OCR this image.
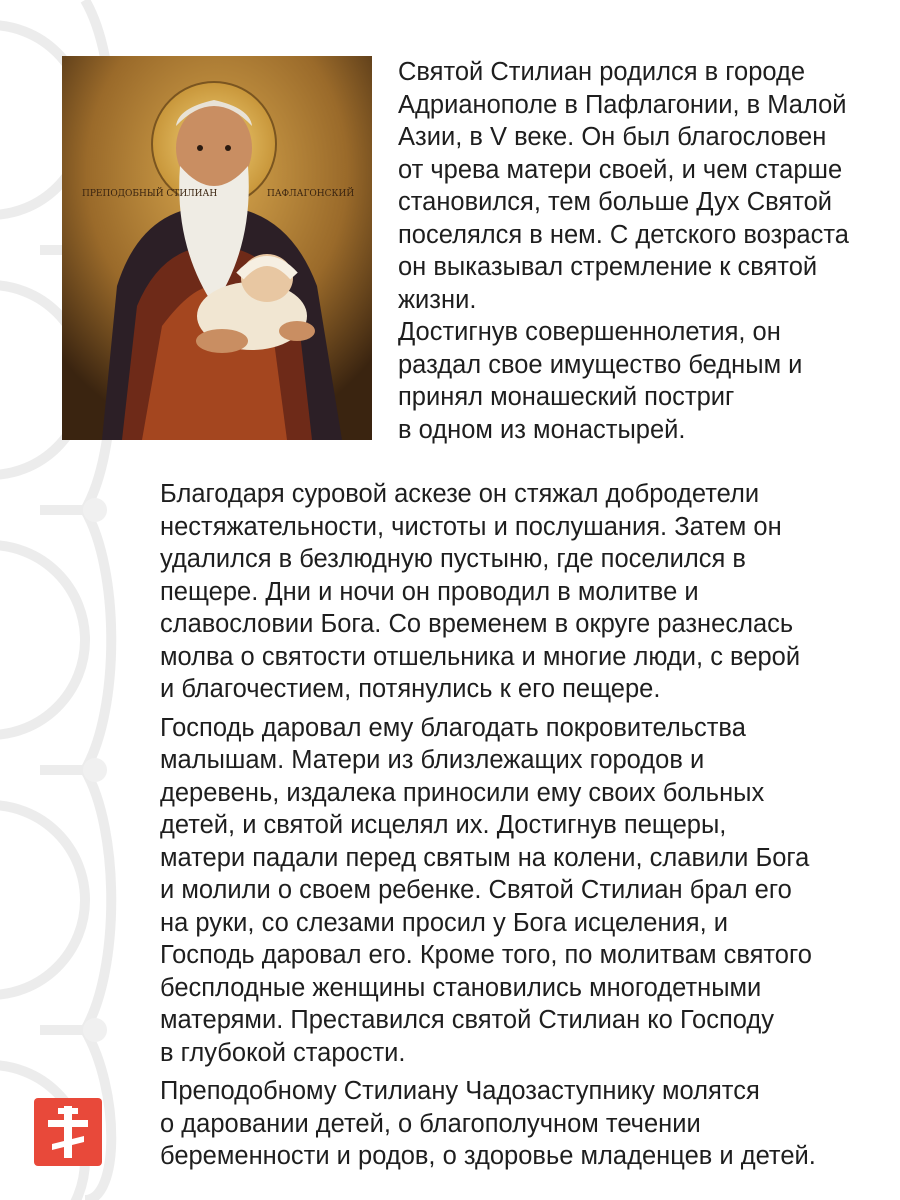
ПРЕПОДОБНЫЙ СТИЛИАН	ПАФЛАГОНСКИЙ

Святой Стилиан родился в городе
Адрианополе в Пафлагонии, в Малой
Азии, в V веке. Он был благословен
от чрева матери своей, и чем старше
становился, тем больше Дух Святой
поселялся в нем. С детского возраста
он выказывал стремление к святой
жизни.

Достигнув совершеннолетия, он
раздал свое имущество бедным и
принял монашеский постриг
в одном из монастырей.

Благодаря суровой аскезе он стяжал добродетели
нестяжательности, чистоты и послушания. Затем он
удалился в безлюдную пустыню, где поселился в
пещере. Дни и ночи он проводил в молитве и
славословии Бога. Со временем в округе разнеслась
молва о святости отшельника и многие люди, с верой
и благочестием, потянулись к его пещере.

Господь даровал ему благодать покровительства
малышам. Матери из близлежащих городов и
деревень, издалека приносили ему своих больных
детей, и святой исцелял их. Достигнув пещеры,
матери падали перед святым на колени, славили Бога
и молили о своем ребенке. Святой Стилиан брал его
на руки, со слезами просил у Бога исцеления, и
Господь даровал его. Кроме того, по молитвам святого
бесплодные женщины становились многодетными
матерями. Преставился святой Стилиан ко Господу
в глубокой старости.

Преподобному Стилиану Чадозаступнику молятся
о даровании детей, о благополучном течении
беременности и родов, о здоровье младенцев и детей.
